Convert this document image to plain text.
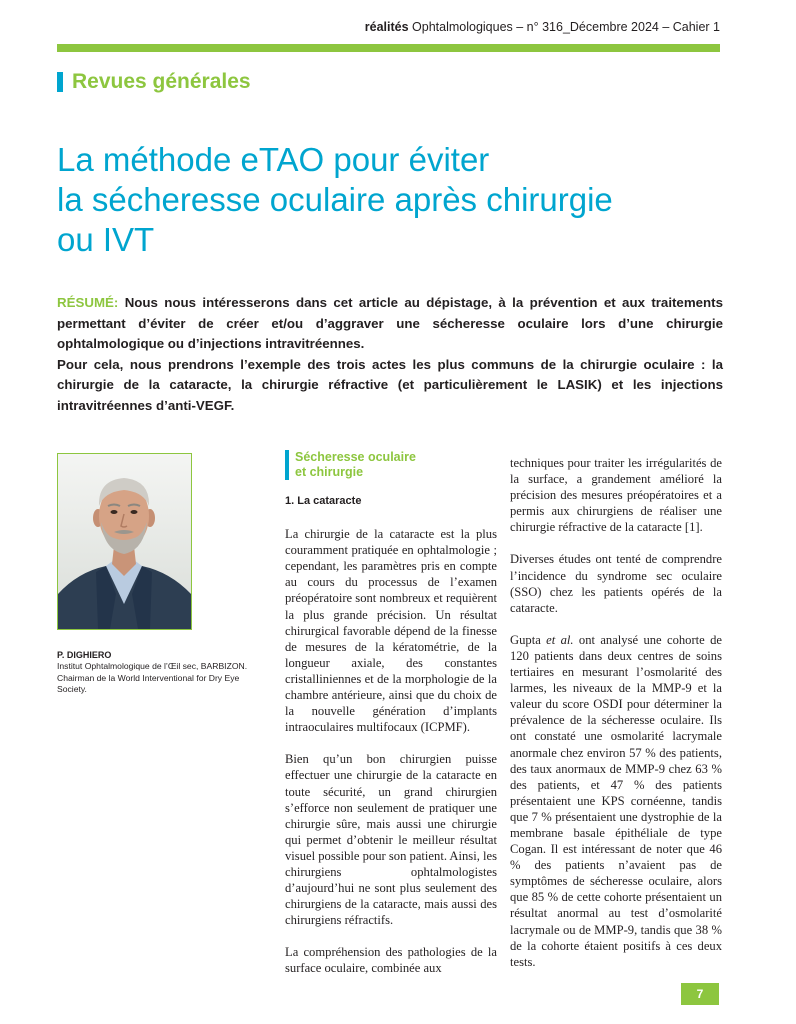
réalités Ophtalmologiques – n° 316_Décembre 2024 – Cahier 1
Revues générales
La méthode eTAO pour éviter
la sécheresse oculaire après chirurgie
ou IVT

RÉSUMÉ: Nous nous intéresserons dans cet article au dépistage, à la prévention et aux traitements permettant d’éviter de créer et/ou d’aggraver une sécheresse oculaire lors d’une chirurgie ophtalmologique ou d’injections intravitréennes.

Pour cela, nous prendrons l’exemple des trois actes les plus communs de la chirurgie oculaire : la chirurgie de la cataracte, la chirurgie réfractive (et particulièrement le LASIK) et les injections intravitréennes d’anti-VEGF.

P. DIGHIERO
Institut Ophtalmologique de l’Œil sec, BARBIZON.
Chairman de la World Interventional for Dry Eye Society.
Sécheresse oculaire
et chirurgie
1. La cataracte

La chirurgie de la cataracte est la plus couramment pratiquée en ophtalmologie ; cependant, les paramètres pris en compte au cours du processus de l’examen préopératoire sont nombreux et requièrent la plus grande précision. Un résultat chirurgical favorable dépend de la finesse de mesures de la kératométrie, de la longueur axiale, des constantes cristalliniennes et de la morphologie de la chambre antérieure, ainsi que du choix de la nouvelle génération d’implants intraoculaires multifocaux (ICPMF).

Bien qu’un bon chirurgien puisse effectuer une chirurgie de la cataracte en toute sécurité, un grand chirurgien s’efforce non seulement de pratiquer une chirurgie sûre, mais aussi une chirurgie qui permet d’obtenir le meilleur résultat visuel possible pour son patient. Ainsi, les chirurgiens ophtalmologistes d’aujourd’hui ne sont plus seulement des chirurgiens de la cataracte, mais aussi des chirurgiens réfractifs.

La compréhension des pathologies de la surface oculaire, combinée aux

techniques pour traiter les irrégularités de la surface, a grandement amélioré la précision des mesures préopératoires et a permis aux chirurgiens de réaliser une chirurgie réfractive de la cataracte [1].

Diverses études ont tenté de comprendre l’incidence du syndrome sec oculaire (SSO) chez les patients opérés de la cataracte.

Gupta et al. ont analysé une cohorte de 120 patients dans deux centres de soins tertiaires en mesurant l’osmolarité des larmes, les niveaux de la MMP-9 et la valeur du score OSDI pour déterminer la prévalence de la sécheresse oculaire. Ils ont constaté une osmolarité lacrymale anormale chez environ 57 % des patients, des taux anormaux de MMP-9 chez 63 % des patients, et 47 % des patients présentaient une KPS cornéenne, tandis que 7 % présentaient une dystrophie de la membrane basale épithéliale de type Cogan. Il est intéressant de noter que 46 % des patients n’avaient pas de symptômes de sécheresse oculaire, alors que 85 % de cette cohorte présentaient un résultat anormal au test d’osmolarité lacrymale ou de MMP-9, tandis que 38 % de la cohorte étaient positifs à ces deux tests.

7
